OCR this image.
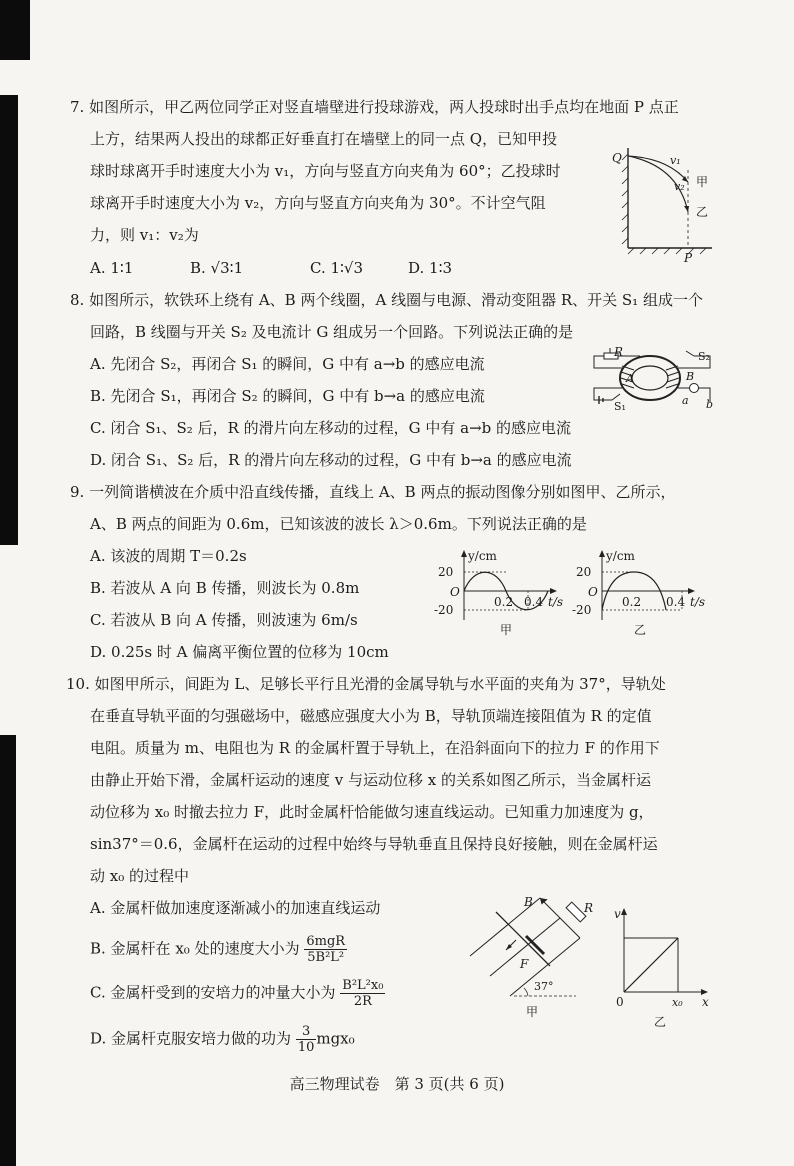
7. 如图所示，甲乙两位同学正对竖直墙壁进行投球游戏，两人投球时出手点均在地面 P 点正
上方，结果两人投出的球都正好垂直打在墙壁上的同一点 Q，已知甲投
球时球离开手时速度大小为 v₁，方向与竖直方向夹角为 60°；乙投球时
球离开手时速度大小为 v₂，方向与竖直方向夹角为 30°。不计空气阻
力，则 v₁：v₂为
A. 1∶1	B. √3∶1	C. 1∶√3	D. 1∶3
Q	v₁
v₂ 甲
乙
P
8. 如图所示，软铁环上绕有 A、B 两个线圈，A 线圈与电源、滑动变阻器 R、开关 S₁ 组成一个
回路，B 线圈与开关 S₂ 及电流计 G 组成另一个回路。下列说法正确的是
A. 先闭合 S₂，再闭合 S₁ 的瞬间，G 中有 a→b 的感应电流
B. 先闭合 S₁，再闭合 S₂ 的瞬间，G 中有 b→a 的感应电流
C. 闭合 S₁、S₂ 后，R 的滑片向左移动的过程，G 中有 a→b 的感应电流
D. 闭合 S₁、S₂ 后，R 的滑片向左移动的过程，G 中有 b→a 的感应电流
R	S₂
S₁
A	B
a b
9. 一列简谐横波在介质中沿直线传播，直线上 A、B 两点的振动图像分别如图甲、乙所示，
A、B 两点的间距为 0.6m，已知该波的波长 λ＞0.6m。下列说法正确的是
A. 该波的周期 T＝0.2s
B. 若波从 A 向 B 传播，则波长为 0.8m
C. 若波从 B 向 A 传播，则波速为 6m/s
D. 0.25s 时 A 偏离平衡位置的位移为 10cm
y/cm
20
-20
O
0.2 0.4 t/s
甲
y/cm
20
-20
O
0.2 0.4 t/s
乙
10. 如图甲所示，间距为 L、足够长平行且光滑的金属导轨与水平面的夹角为 37°，导轨处
在垂直导轨平面的匀强磁场中，磁感应强度大小为 B，导轨顶端连接阻值为 R 的定值
电阻。质量为 m、电阻也为 R 的金属杆置于导轨上，在沿斜面向下的拉力 F 的作用下
由静止开始下滑，金属杆运动的速度 v 与运动位移 x 的关系如图乙所示，当金属杆运
动位移为 x₀ 时撤去拉力 F，此时金属杆恰能做匀速直线运动。已知重力加速度为 g，
sin37°＝0.6，金属杆在运动的过程中始终与导轨垂直且保持良好接触，则在金属杆运
动 x₀ 的过程中
A. 金属杆做加速度逐渐减小的加速直线运动
B. 金属杆在 x₀ 处的速度大小为 6mgR
5B²L²
C. 金属杆受到的安培力的冲量大小为 $\frac{\text{B²L²x₀}}{2R}$
D. 金属杆克服安培力做的功为 $\frac{3}{10} mgx_0$
B	R
F
37°
甲
v
0	x₀ x
乙
高三物理试卷　第 3 页(共 6 页)
